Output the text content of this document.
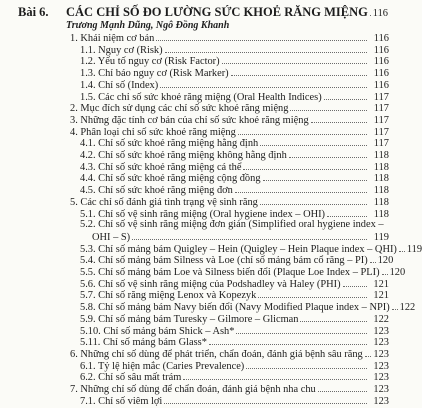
Bài 6. CÁC CHỈ SỐ ĐO LƯỜNG SỨC KHOẺ RĂNG MIỆNG 116
Trương Mạnh Dũng, Ngô Đồng Khanh
1. Khái niệm cơ bản	116
1.1. Nguy cơ (Risk)	116
1.2. Yếu tố nguy cơ (Risk Factor)	116
1.3. Chỉ báo nguy cơ (Risk Marker)	116
1.4. Chỉ số (Index)	116
1.5. Các chỉ số sức khoẻ răng miệng (Oral Health Indices)	117
2. Mục đích sử dụng các chỉ số sức khoẻ răng miệng	117
3. Những đặc tính cơ bản của chỉ số sức khoẻ răng miệng	117
4. Phân loại chỉ số sức khoẻ răng miệng	117
4.1. Chỉ số sức khoẻ răng miệng hằng định	117
4.2. Chỉ số sức khoẻ răng miệng không hằng định	118
4.3. Chỉ số sức khoẻ răng miệng cá thể	118
4.4. Chỉ số sức khoẻ răng miệng cộng đồng	118
4.5. Chỉ số sức khoẻ răng miệng đơn	118
5. Các chỉ số đánh giá tình trạng vệ sinh răng	118
5.1. Chỉ số vệ sinh răng miệng (Oral hygiene index – OHI)	118
5.2. Chỉ số vệ sinh răng miệng đơn giản (Simplified oral hygiene index –
OHI – S)	119
5.3. Chỉ số mảng bám Quigley – Hein (Quigley – Hein Plaque index – QHI) 119
5.4. Chỉ số mảng bám Silness và Loe (chỉ số mảng bám cổ răng – PI) 120
5.5. Chỉ số mảng bám Loe và Silness biến đổi (Plaque Loe Index – PLI) 120
5.6. Chỉ số vệ sinh răng miệng của Podshadley và Haley (PHI)	121
5.7. Chỉ số răng miệng Lenox và Kopezyk	121
5.8. Chỉ số mảng bám Navy biến đổi (Navy Modified Plaque index – NPI) 122
5.9. Chỉ số mảng bám Turesky – Gilmore – Glicman	122
5.10. Chỉ số mảng bám Shick – Ash*	123
5.11. Chỉ số mảng bám Glass*	123
6. Những chỉ số dùng để phát triển, chẩn đoán, đánh giá bệnh sâu răng 123
6.1. Tỷ lệ hiện mắc (Caries Prevalence)	123
6.2. Chỉ số sâu mất trám	123
7. Những chỉ số dùng để chẩn đoán, đánh giá bệnh nha chu	123
7.1. Chỉ số viêm lợi	123
